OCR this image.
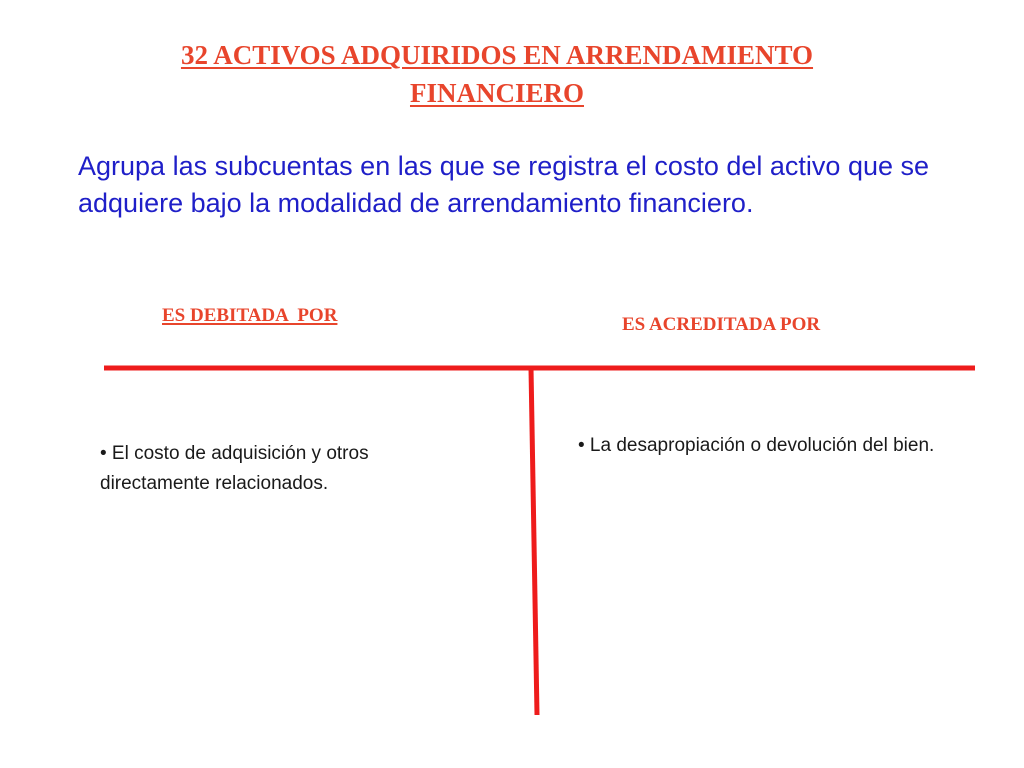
32 ACTIVOS ADQUIRIDOS EN ARRENDAMIENTO FINANCIERO
Agrupa las subcuentas en las que se registra el costo del activo que se adquiere bajo la modalidad de arrendamiento financiero.
ES DEBITADA  POR	ES ACREDITADA POR
• El costo de adquisición y otros directamente relacionados.
• La desapropiación o devolución del bien.
